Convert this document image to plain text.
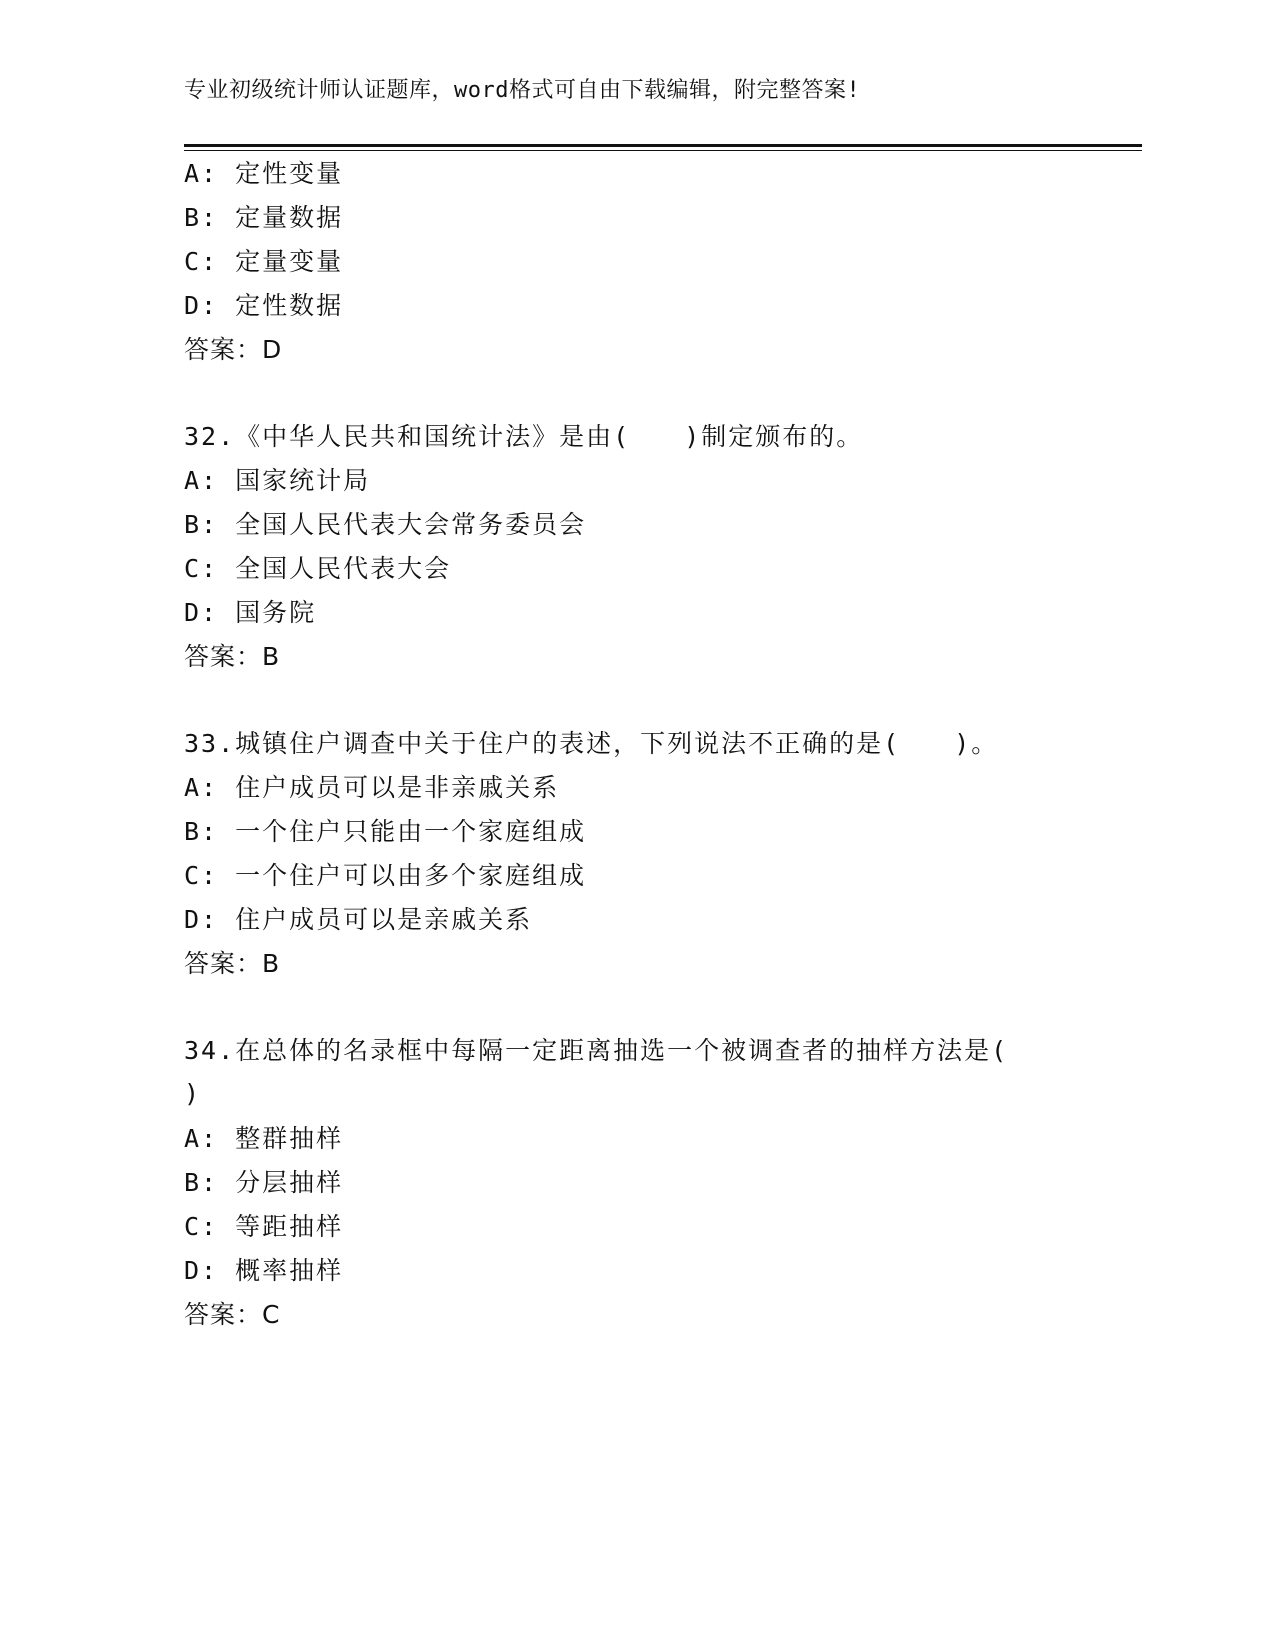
专业初级统计师认证题库，word格式可自由下载编辑，附完整答案!
A: 定性变量
B: 定量数据
C: 定量变量
D: 定性数据
答案：D
32.《中华人民共和国统计法》是由(　　)制定颁布的。
A: 国家统计局
B: 全国人民代表大会常务委员会
C: 全国人民代表大会
D: 国务院
答案：B
33.城镇住户调查中关于住户的表述，下列说法不正确的是(　　)。
A: 住户成员可以是非亲戚关系
B: 一个住户只能由一个家庭组成
C: 一个住户可以由多个家庭组成
D: 住户成员可以是亲戚关系
答案：B
34.在总体的名录框中每隔一定距离抽选一个被调查者的抽样方法是(
)
A: 整群抽样
B: 分层抽样
C: 等距抽样
D: 概率抽样
答案：C
